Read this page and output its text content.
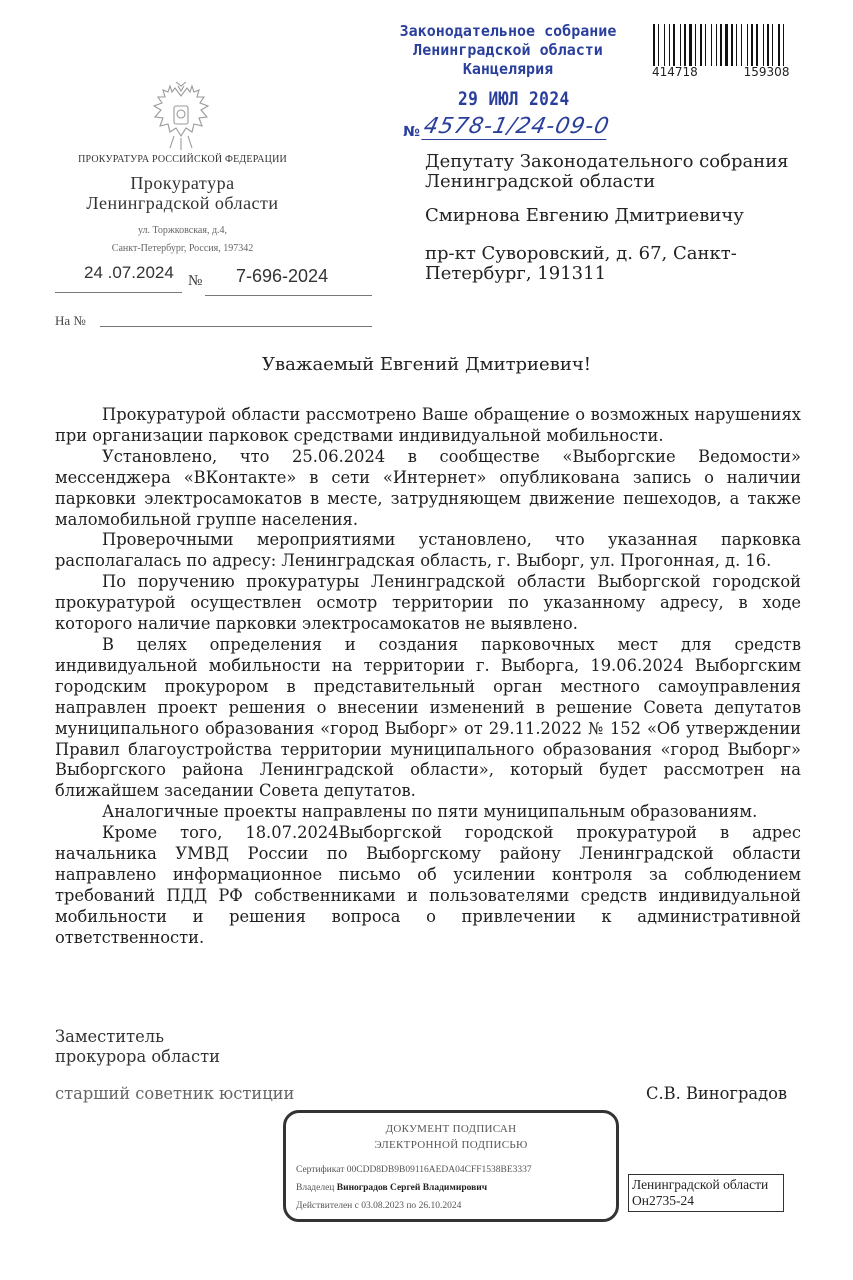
Законодательное собрание
Ленинградской области
Канцелярия
29 ИЮЛ 2024
№ 4578-1/24-09-0
414718	159308
ПРОКУРАТУРА РОССИЙСКОЙ ФЕДЕРАЦИИ
Прокуратура
Ленинградской области
ул. Торжковская, д.4,
Санкт-Петербург, Россия, 197342
24 .07.2024 № 7-696-2024
На №
Депутату Законодательного собрания
Ленинградской области
Смирнова Евгению Дмитриевичу
пр-кт Суворовский, д. 67, Санкт-
Петербург, 191311
Уважаемый Евгений Дмитриевич!

Прокуратурой области рассмотрено Ваше обращение о возможных нарушениях при организации парковок средствами индивидуальной мобильности.

Установлено, что 25.06.2024 в сообществе «Выборгские Ведомости» мессенджера «ВКонтакте» в сети «Интернет» опубликована запись о наличии парковки электросамокатов в месте, затрудняющем движение пешеходов, а также маломобильной группе населения.

Проверочными мероприятиями установлено, что указанная парковка располагалась по адресу: Ленинградская область, г. Выборг, ул. Прогонная, д. 16.

По поручению прокуратуры Ленинградской области Выборгской городской прокуратурой осуществлен осмотр территории по указанному адресу, в ходе которого наличие парковки электросамокатов не выявлено.

В целях определения и создания парковочных мест для средств индивидуальной мобильности на территории г. Выборга, 19.06.2024 Выборгским городским прокурором в представительный орган местного самоуправления направлен проект решения о внесении изменений в решение Совета депутатов муниципального образования «город Выборг» от 29.11.2022 № 152 «Об утверждении Правил благоустройства территории муниципального образования «город Выборг» Выборгского района Ленинградской области», который будет рассмотрен на ближайшем заседании Совета депутатов.

Аналогичные проекты направлены по пяти муниципальным образованиям.

Кроме того, 18.07.2024Выборгской городской прокуратурой в адрес начальника УМВД России по Выборгскому району Ленинградской области направлено информационное письмо об усилении контроля за соблюдением требований ПДД РФ собственниками и пользователями средств индивидуальной мобильности и решения вопроса о привлечении к административной ответственности.

Заместитель
прокурора области
старший советник юстиции	С.В. Виноградов
ДОКУМЕНТ ПОДПИСАН
ЭЛЕКТРОННОЙ ПОДПИСЬЮ
Сертификат 00CDD8DB9B09116AEDA04CFF1538BE3337
Владелец Виноградов Сергей Владимирович
Действителен с 03.08.2023 по 26.10.2024
Ленинградской области
Он2735-24
